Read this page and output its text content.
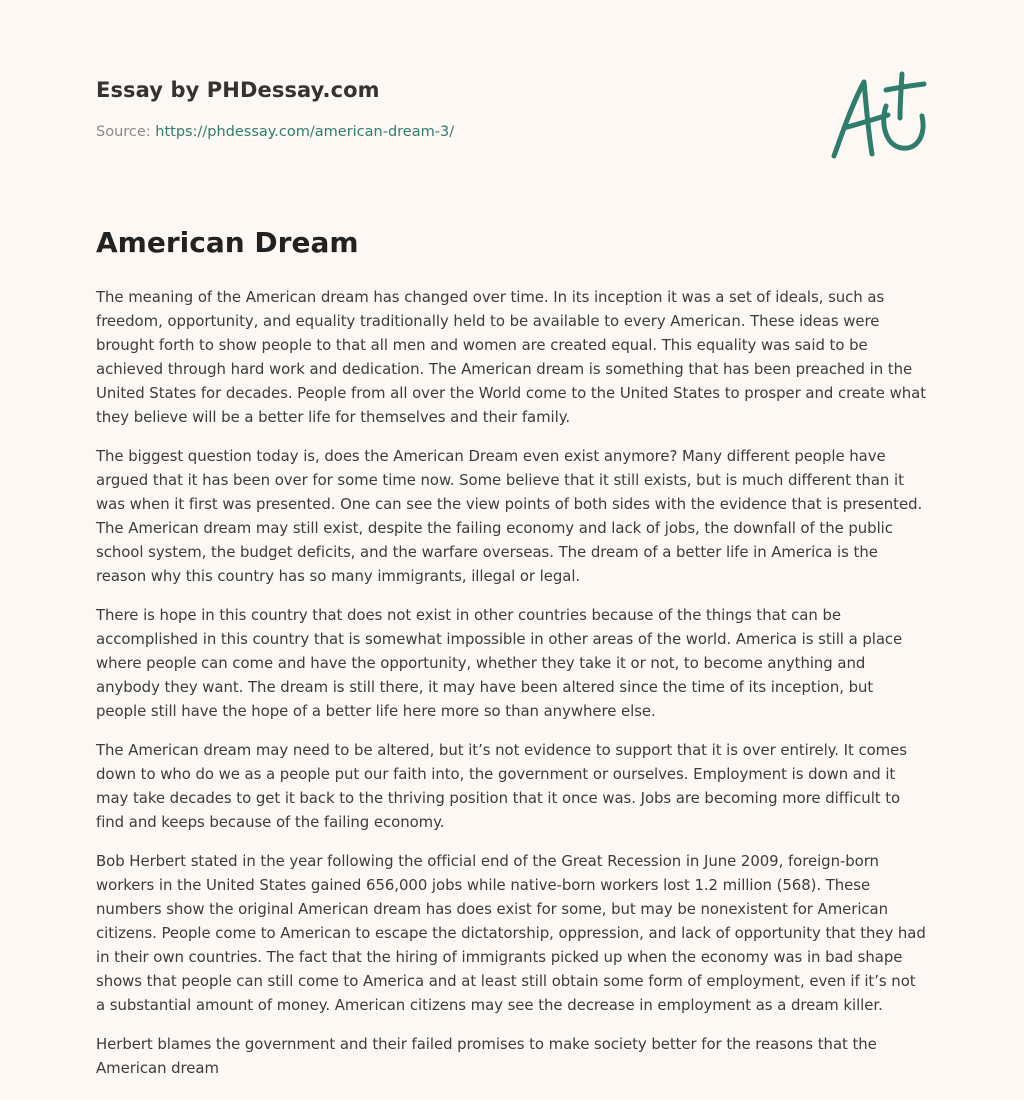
Essay by PHDessay.com
Source: https://phdessay.com/american-dream-3/
American Dream

The meaning of the American dream has changed over time. In its inception it was a set of ideals, such as freedom, opportunity, and equality traditionally held to be available to every American. These ideas were brought forth to show people to that all men and women are created equal. This equality was said to be achieved through hard work and dedication. The American dream is something that has been preached in the United States for decades. People from all over the World come to the United States to prosper and create what they believe will be a better life for themselves and their family.

The biggest question today is, does the American Dream even exist anymore? Many different people have argued that it has been over for some time now. Some believe that it still exists, but is much different than it was when it first was presented. One can see the view points of both sides with the evidence that is presented. The American dream may still exist, despite the failing economy and lack of jobs, the downfall of the public school system, the budget deficits, and the warfare overseas. The dream of a better life in America is the reason why this country has so many immigrants, illegal or legal.

There is hope in this country that does not exist in other countries because of the things that can be accomplished in this country that is somewhat impossible in other areas of the world. America is still a place where people can come and have the opportunity, whether they take it or not, to become anything and anybody they want. The dream is still there, it may have been altered since the time of its inception, but people still have the hope of a better life here more so than anywhere else.

The American dream may need to be altered, but it’s not evidence to support that it is over entirely. It comes down to who do we as a people put our faith into, the government or ourselves. Employment is down and it may take decades to get it back to the thriving position that it once was. Jobs are becoming more difficult to find and keeps because of the failing economy.

Bob Herbert stated in the year following the official end of the Great Recession in June 2009, foreign-born workers in the United States gained 656,000 jobs while native-born workers lost 1.2 million (568). These numbers show the original American dream has does exist for some, but may be nonexistent for American citizens. People come to American to escape the dictatorship, oppression, and lack of opportunity that they had in their own countries. The fact that the hiring of immigrants picked up when the economy was in bad shape shows that people can still come to America and at least still obtain some form of employment, even if it’s not a substantial amount of money. American citizens may see the decrease in employment as a dream killer.

Herbert blames the government and their failed promises to make society better for the reasons that the American dream
